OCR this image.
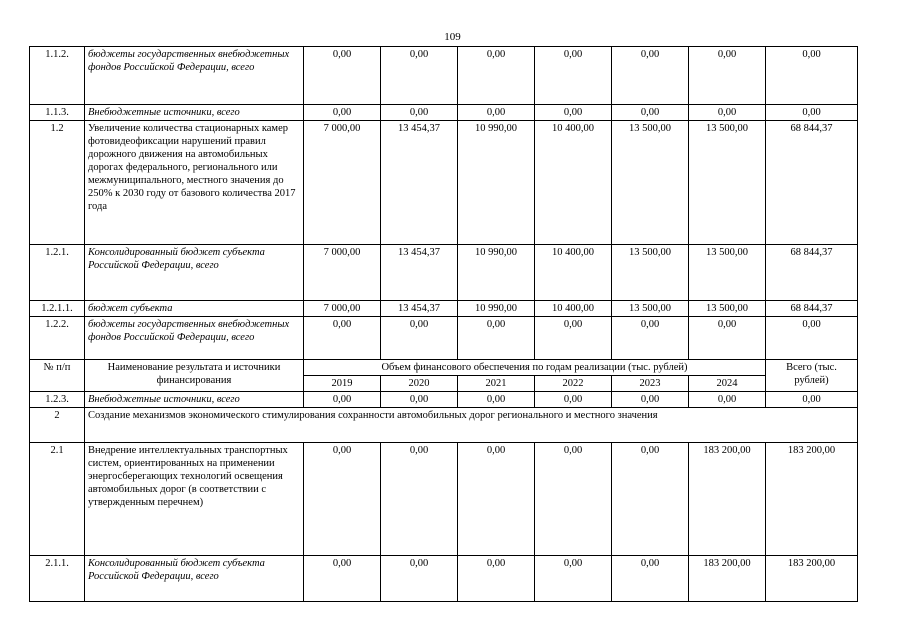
109
1.1.2.	бюджеты государственных внебюджетных фондов Российской Федерации, всего	0,00	0,00	0,00	0,00	0,00	0,00	0,00
1.1.3.	Внебюджетные источники, всего	0,00	0,00	0,00	0,00	0,00	0,00	0,00
1.2	Увеличение количества стационарных камер фотовидеофиксации нарушений правил дорожного движения на автомобильных дорогах федерального, регионального или межмуниципального, местного значения до 250% к 2030 году от базового количества 2017 года	7 000,00	13 454,37	10 990,00	10 400,00	13 500,00	13 500,00	68 844,37
1.2.1.	Консолидированный бюджет субъекта Российской Федерации, всего	7 000,00	13 454,37	10 990,00	10 400,00	13 500,00	13 500,00	68 844,37
1.2.1.1.	бюджет субъекта	7 000,00	13 454,37	10 990,00	10 400,00	13 500,00	13 500,00	68 844,37
1.2.2.	бюджеты государственных внебюджетных фондов Российской Федерации, всего	0,00	0,00	0,00	0,00	0,00	0,00	0,00
№ п/п	Наименование результата и источники финансирования	Объем финансового обеспечения по годам реализации (тыс. рублей)						Всего (тыс. рублей)
		2019	2020	2021	2022	2023	2024	
1.2.3.	Внебюджетные источники, всего	0,00	0,00	0,00	0,00	0,00	0,00	0,00
2	Создание механизмов экономического стимулирования сохранности автомобильных дорог регионального и местного значения							
2.1	Внедрение интеллектуальных транспортных систем, ориентированных на применении энергосберегающих технологий освещения автомобильных дорог (в соответствии с утвержденным перечнем)	0,00	0,00	0,00	0,00	0,00	183 200,00	183 200,00
2.1.1.	Консолидированный бюджет субъекта Российской Федерации, всего	0,00	0,00	0,00	0,00	0,00	183 200,00	183 200,00
